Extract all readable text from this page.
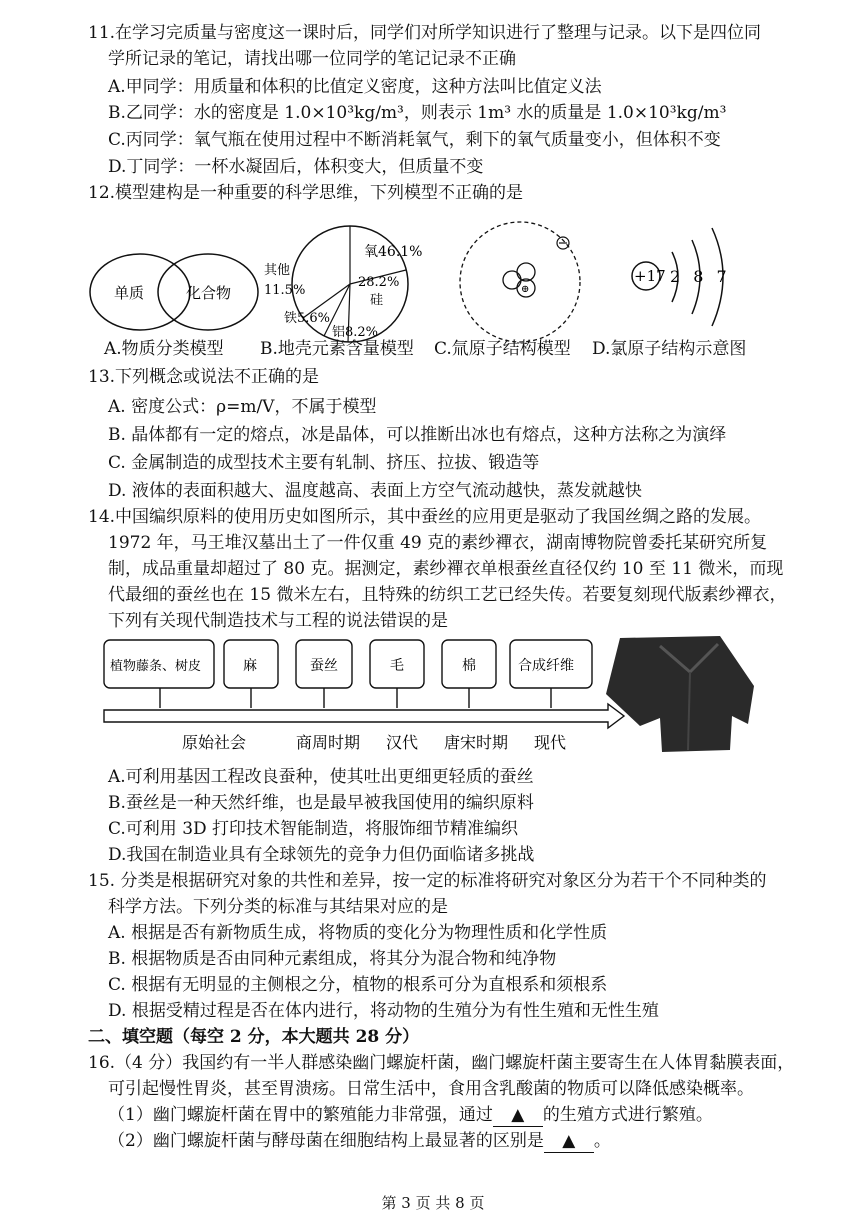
11.在学习完质量与密度这一课时后，同学们对所学知识进行了整理与记录。以下是四位同
学所记录的笔记，请找出哪一位同学的笔记记录不正确
A.甲同学：用质量和体积的比值定义密度，这种方法叫比值定义法
B.乙同学：水的密度是 1.0×10³kg/m³，则表示 1m³ 水的质量是 1.0×10³kg/m³
C.丙同学：氧气瓶在使用过程中不断消耗氧气，剩下的氧气质量变小，但体积不变
D.丁同学：一杯水凝固后，体积变大，但质量不变
12.模型建构是一种重要的科学思维，下列模型不正确的是
单质	化合物
氧46.1%
其他
11.5%
28.2%
硅
铁5.6%
铝8.2%
⊕
+17 2 8 7
A.物质分类模型 B.地壳元素含量模型 C.氚原子结构模型 D.氯原子结构示意图
13.下列概念或说法不正确的是
A. 密度公式：ρ=m/V，不属于模型
B. 晶体都有一定的熔点，冰是晶体，可以推断出冰也有熔点，这种方法称之为演绎
C. 金属制造的成型技术主要有轧制、挤压、拉拔、锻造等
D. 液体的表面积越大、温度越高、表面上方空气流动越快，蒸发就越快
14.中国编织原料的使用历史如图所示，其中蚕丝的应用更是驱动了我国丝绸之路的发展。
1972 年，马王堆汉墓出土了一件仅重 49 克的素纱襌衣，湖南博物院曾委托某研究所复
制，成品重量却超过了 80 克。据测定，素纱襌衣单根蚕丝直径仅约 10 至 11 微米，而现
代最细的蚕丝也在 15 微米左右，且特殊的纺织工艺已经失传。若要复刻现代版素纱襌衣，
下列有关现代制造技术与工程的说法错误的是
植物藤条、树皮	麻	蚕丝	毛	棉	合成纤维
原始社会	商周时期 汉代 唐宋时期 现代
A.可利用基因工程改良蚕种，使其吐出更细更轻质的蚕丝
B.蚕丝是一种天然纤维，也是最早被我国使用的编织原料
C.可利用 3D 打印技术智能制造，将服饰细节精准编织
D.我国在制造业具有全球领先的竞争力但仍面临诸多挑战
15. 分类是根据研究对象的共性和差异，按一定的标准将研究对象区分为若干个不同种类的
科学方法。下列分类的标准与其结果对应的是
A. 根据是否有新物质生成，将物质的变化分为物理性质和化学性质
B. 根据物质是否由同种元素组成，将其分为混合物和纯净物
C. 根据有无明显的主侧根之分，植物的根系可分为直根系和须根系
D. 根据受精过程是否在体内进行，将动物的生殖分为有性生殖和无性生殖
二、填空题（每空 2 分，本大题共 28 分）
16.（4 分）我国约有一半人群感染幽门螺旋杆菌，幽门螺旋杆菌主要寄生在人体胃黏膜表面，
可引起慢性胃炎，甚至胃溃疡。日常生活中，食用含乳酸菌的物质可以降低感染概率。
（1）幽门螺旋杆菌在胃中的繁殖能力非常强，通过 ▲ 的生殖方式进行繁殖。
（2）幽门螺旋杆菌与酵母菌在细胞结构上最显著的区别是 ▲ 。
第 3 页 共 8 页
